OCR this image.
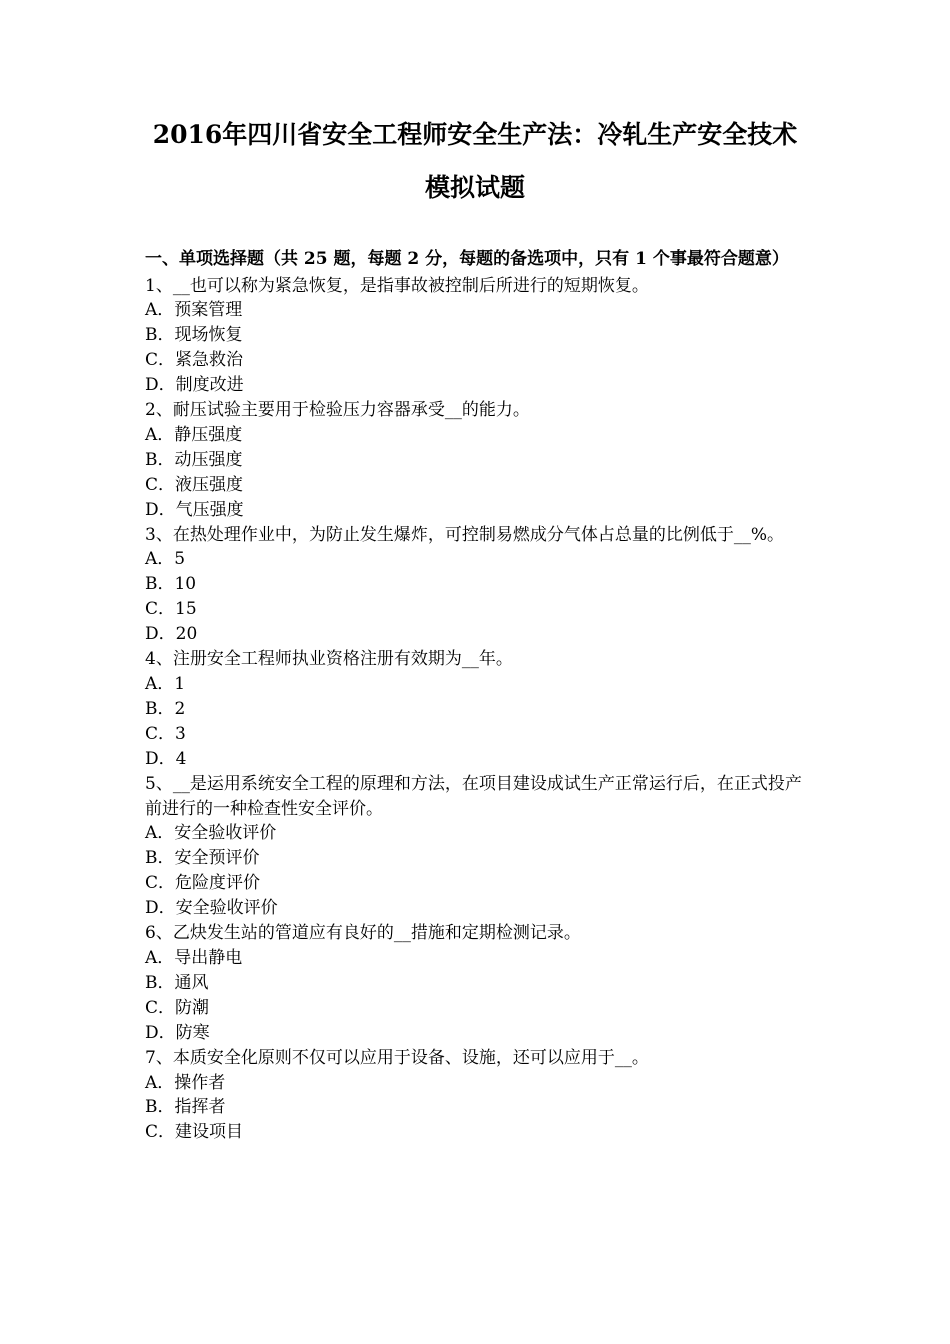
2016年四川省安全工程师安全生产法：冷轧生产安全技术
模拟试题
一、单项选择题（共 25 题，每题 2 分，每题的备选项中，只有 1 个事最符合题意）
1、__也可以称为紧急恢复，是指事故被控制后所进行的短期恢复。
A．预案管理
B．现场恢复
C．紧急救治
D．制度改进
2、耐压试验主要用于检验压力容器承受__的能力。
A．静压强度
B．动压强度
C．液压强度
D．气压强度
3、在热处理作业中，为防止发生爆炸，可控制易燃成分气体占总量的比例低于__%。
A．5
B．10
C．15
D．20
4、注册安全工程师执业资格注册有效期为__年。
A．1
B．2
C．3
D．4
5、__是运用系统安全工程的原理和方法，在项目建设成试生产正常运行后，在正式投产前进行的一种检查性安全评价。
A．安全验收评价
B．安全预评价
C．危险度评价
D．安全验收评价
6、乙炔发生站的管道应有良好的__措施和定期检测记录。
A．导出静电
B．通风
C．防潮
D．防寒
7、本质安全化原则不仅可以应用于设备、设施，还可以应用于__。
A．操作者
B．指挥者
C．建设项目
